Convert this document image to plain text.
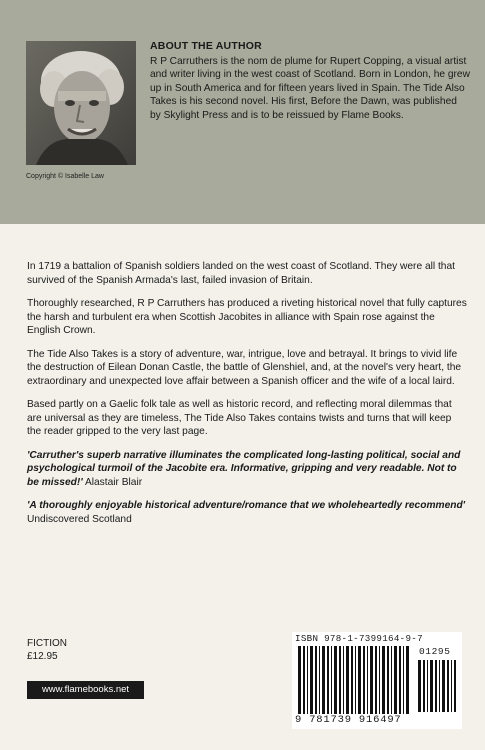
Copyright © Isabelle Law
ABOUT THE AUTHOR

R P Carruthers is the nom de plume for Rupert Copping, a visual artist and writer living in the west coast of Scotland. Born in London, he grew up in South America and for fifteen years lived in Spain. The Tide Also Takes is his second novel. His first, Before the Dawn, was published by Skylight Press and is to be reissued by Flame Books.

In 1719 a battalion of Spanish soldiers landed on the west coast of Scotland. They were all that survived of the Spanish Armada's last, failed invasion of Britain.

Thoroughly researched, R P Carruthers has produced a riveting historical novel that fully captures the harsh and turbulent era when Scottish Jacobites in alliance with Spain rose against the English Crown.

The Tide Also Takes is a story of adventure, war, intrigue, love and betrayal. It brings to vivid life the destruction of Eilean Donan Castle, the battle of Glenshiel, and, at the novel's very heart, the extraordinary and unexpected love affair between a Spanish officer and the wife of a local laird.

Based partly on a Gaelic folk tale as well as historic record, and reflecting moral dilemmas that are universal as they are timeless, The Tide Also Takes contains twists and turns that will keep the reader gripped to the very last page.

'Carruther's superb narrative illuminates the complicated long-lasting political, social and psychological turmoil of the Jacobite era. Informative, gripping and very readable. Not to be missed!' Alastair Blair

'A thoroughly enjoyable historical adventure/romance that we wholeheartedly recommend' Undiscovered Scotland

FICTION
£12.95
www.flamebooks.net
ISBN 978-1-7399164-9-7
01295
9 781739 916497
